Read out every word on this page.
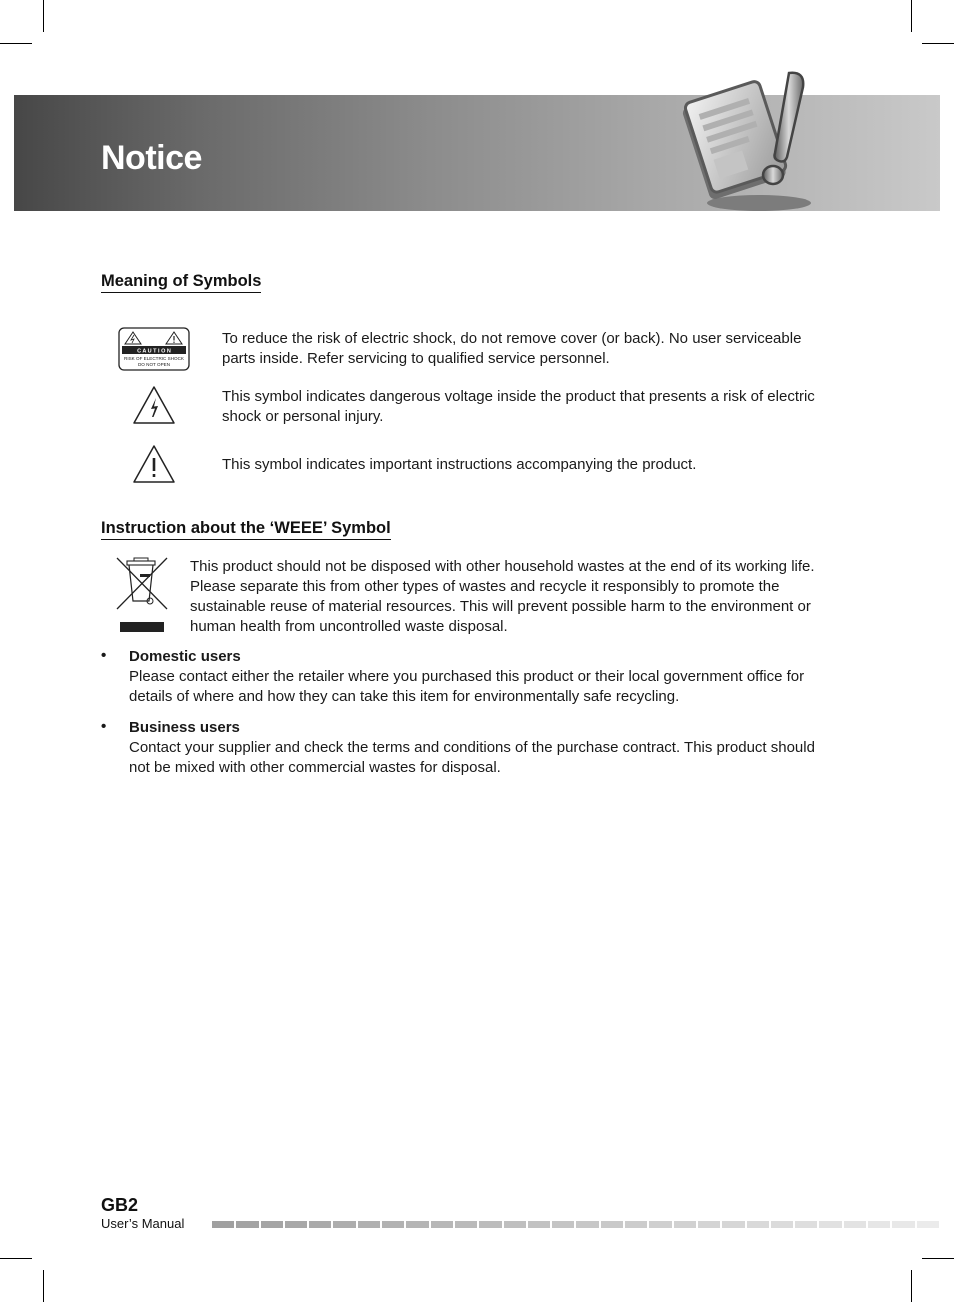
Notice
Meaning of Symbols
C A U T I O N
RISK OF ELECTRIC SHOCK
DO NOT OPEN
To reduce the risk of electric shock, do not remove cover (or back). No user serviceable parts inside. Refer servicing to qualified service personnel.
This symbol indicates dangerous voltage inside the product that presents a risk of electric shock or personal injury.
This symbol indicates important instructions accompanying the product.
Instruction about the ‘WEEE’ Symbol
This product should not be disposed with other household wastes at the end of its working life. Please separate this from other types of wastes and recycle it responsibly to promote the sustainable reuse of material resources. This will prevent possible harm to the environment or human health from uncontrolled waste disposal.
• Domestic users
Please contact either the retailer where you purchased this product or their local government office for details of where and how they can take this item for environmentally safe recycling.
• Business users
Contact your supplier and check the terms and conditions of the purchase contract. This product should not be mixed with other commercial wastes for disposal.
GB2
User’s Manual
